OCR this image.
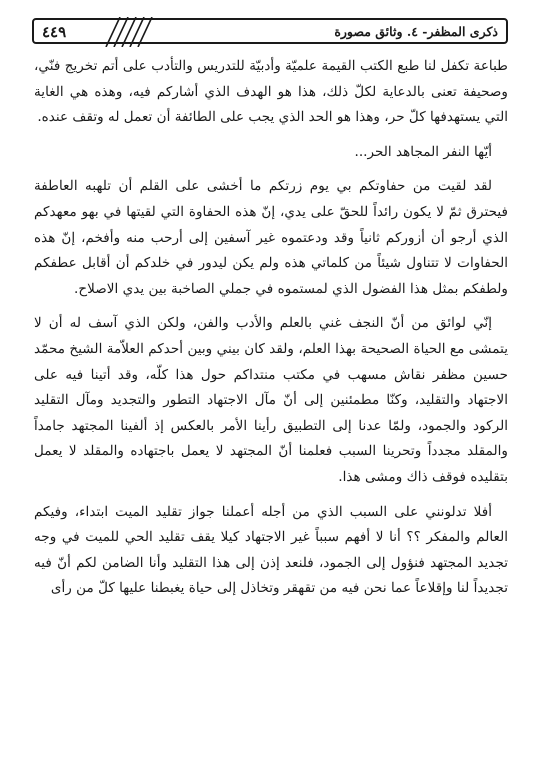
٤٤٩	ذكرى المظفر- ٤. وثائق مصورة

طباعة تكفل لنا طبع الكتب القيمة علميّة وأدبيّة للتدريس والتأدب على أتم تخريج فنّي، وصحيفة تعنى بالدعاية لكلّ ذلك، هذا هو الهدف الذي أشاركم فيه، وهذه هي الغاية التي يستهدفها كلّ حر، وهذا هو الحد الذي يجب على الطائفة أن تعمل له وتقف عنده.

أيّها النفر المجاهد الحر...

لقد لقيت من حفاوتكم بي يوم زرتكم ما أخشى على القلم أن تلهبه العاطفة فيحترق ثمّ لا يكون رائداً للحقّ على يدي، إنّ هذه الحفاوة التي لقيتها في بهو معهدكم الذي أرجو أن أزوركم ثانياً وقد ودعتموه غير آسفين إلى أرحب منه وأفخم، إنّ هذه الحفاوات لا تتناول شيئاً من كلماتي هذه ولم يكن ليدور في خلدكم أن أقابل عطفكم ولطفكم بمثل هذا الفضول الذي لمستموه في جملي الصاخبة بين يدي الاصلاح.

إنّي لوائق من أنّ النجف غني بالعلم والأدب والفن، ولكن الذي آسف له أن لا يتمشى مع الحياة الصحيحة بهذا العلم، ولقد كان بيني وبين أحدكم العلاّمة الشيخ محمّد حسين مظفر نقاش مسهب في مكتب منتداكم حول هذا كلّه، وقد أتينا فيه على الاجتهاد والتقليد، وكنّا مطمئنين إلى أنّ مآل الاجتهاد التطور والتجديد ومآل التقليد الركود والجمود، ولمّا عدنا إلى التطبيق رأينا الأمر بالعكس إذ ألفينا المجتهد جامداً والمقلد مجدداً وتحرينا السبب فعلمنا أنّ المجتهد لا يعمل باجتهاده والمقلد لا يعمل بتقليده فوقف ذاك ومشى هذا.

أفلا تدلونني على السبب الذي من أجله أعملنا جواز تقليد الميت ابتداء، وفيكم العالم والمفكر ؟؟ أنا لا أفهم سبباً غير الاجتهاد كيلا يقف تقليد الحي للميت في وجه تجديد المجتهد فنؤول إلى الجمود، فلنعد إذن إلى هذا التقليد وأنا الضامن لكم أنّ فيه تجديداً لنا وإقلاعاً عما نحن فيه من تقهقر وتخاذل إلى حياة يغبطنا عليها كلّ من رأى
